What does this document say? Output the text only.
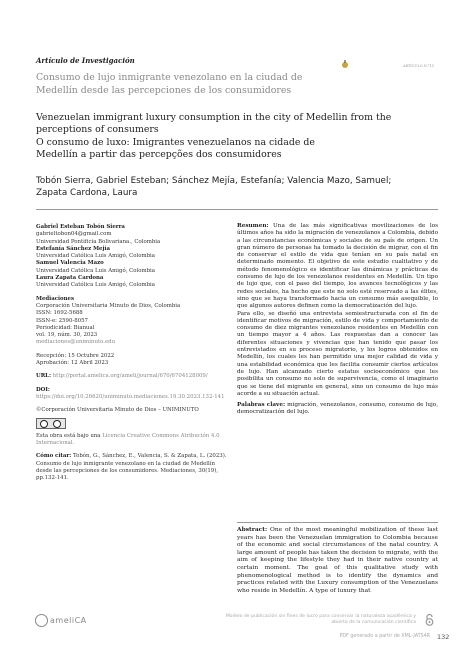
Artículo de Investigación
ARTÍCULO N.°15
Consumo de lujo inmigrante venezolano en la ciudad de Medellín desde las percepciones de los consumidores
Venezuelan immigrant luxury consumption in the city of Medellin from the perceptions of consumers
O consumo de luxo: Imigrantes venezuelanos na cidade de Medellín a partir das percepções dos consumidores
Tobón Sierra, Gabriel Esteban; Sánchez Mejía, Estefanía; Valencia Mazo, Samuel; Zapata Cardona, Laura
Gabriel Esteban Tobón Sierra
gabrieltobon04@gmail.com
Universidad Pontificia Bolivariana., Colombia
Estefanía Sánchez Mejía
Universidad Católica Luis Amigó, Colombia
Samuel Valencia Mazo
Universidad Católica Luis Amigó, Colombia
Laura Zapata Cardona
Universidad Católica Luis Amigó, Colombia
Mediaciones
Corporación Universitaria Minuto de Dios, Colombia
ISSN: 1692-5688
ISSN-e: 2590-8057
Periodicidad: Bianual
vol. 19, núm. 30, 2023
mediaciones@uniminuto.edu
Recepción: 15 Octubre 2022
Aprobación: 12 Abril 2023
URL: http://portal.amelica.org/ameli/journal/670/6704128009/
DOI: https://doi.org/10.26620/uniminuto.mediaciones.19.30.2023.132-141
©Corporación Universitaria Minuto de Dios – UNIMINUTO
Esta obra está bajo una Licencia Creative Commons Atribución 4.0 Internacional.
Cómo citar: Tobón, G., Sánchez, E., Valencia, S. & Zapata, L. (2023). Consumo de lujo inmigrante venezolano en la ciudad de Medellín desde las percepciones de los consumidores. Mediaciones, 30(19), pp.132-141.

Resumen: Una de las más significativas movilizaciones de los últimos años ha sido la migración de venezolanos a Colombia, debido a las circunstancias económicas y sociales de su país de origen. Un gran número de personas ha tomado la decisión de migrar, con el fin de conservar el estilo de vida que tenían en su país natal en determinado momento. El objetivo de este estudio cualitativo y de método fenomenológico es identificar las dinámicas y prácticas de consumo de lujo de los venezolanos residentes en Medellín. Un tipo de lujo que, con el paso del tiempo, los avances tecnológicos y las redes sociales, ha hecho que este no solo esté reservado a las élites, sino que se haya transformado hacia un consumo más asequible, lo que algunos autores definen como la democratización del lujo.

Para ello, se diseñó una entrevista semiestructurada con el fin de identificar motivos de migración, estilo de vida y comportamiento de consumo de diez migrantes venezolanos residentes en Medellín con un tiempo mayor a 4 años. Las respuestas dan a conocer las diferentes situaciones y vivencias que han tenido que pasar los entrevistados en su proceso migratorio, y los logros obtenidos en Medellín, los cuales les han permitido una mejor calidad de vida y una estabilidad económica que les facilita consumir ciertos artículos de lujo. Han alcanzado cierto estatus socioeconómico que les posibilita un consumo no solo de supervivencia, como el imaginario que se tiene del migrante en general, sino un consumo de lujo más acorde a su situación actual.

Palabras clave: migración, venezolanos, consumo, consumo de lujo, democratización del lujo.

Abstract: One of the most meaningful mobilization of these last years has been the Venezuelan immigration to Colombia because of the economic and social circumstances of the natal country. A large amount of people has taken the decision to migrate, with the aim of keeping the lifestyle they had in their native country at certain moment. The goal of this qualitative study with phenomenological method is to identify the dynamics and practices related with the Luxury consumption of the Venezuelans who reside in Medellín. A type of luxury that
ameliCA	Modelo de publicación sin fines de lucro para conservar la naturaleza académica y
abierta de la comunicación científica
PDF generado a partir de XML-JATS4R 132
